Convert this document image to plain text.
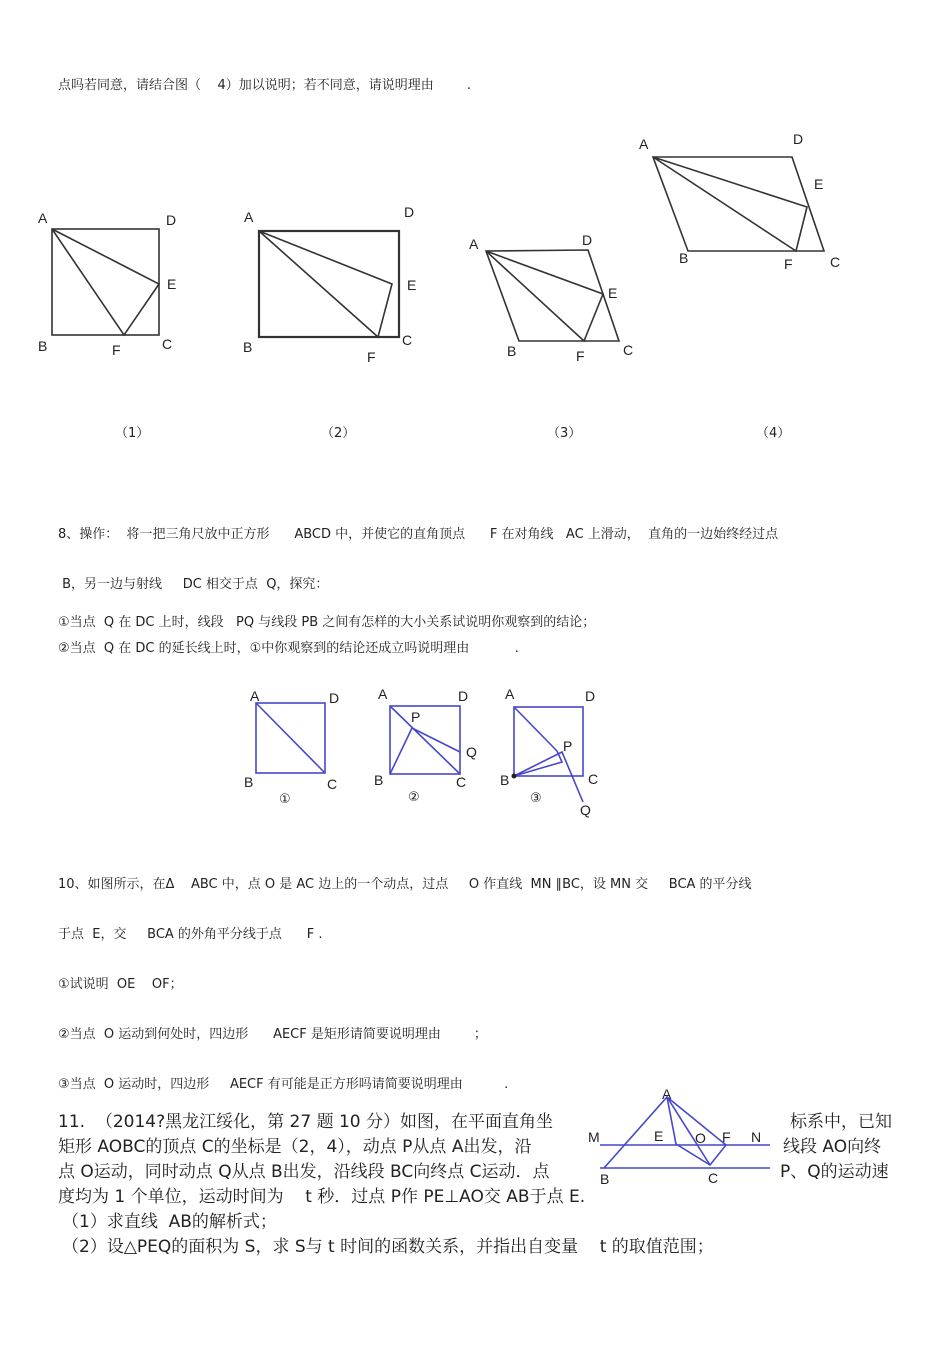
点吗若同意，请结合图（    4）加以说明；若不同意，请说明理由        .
A	D
E
B	F	C
A	D
E
B
F
C
A	D
E
B	F	C
A	D
E
B	F	C
（1）	（2）	（3）	（4）
8、操作：  将一把三角尺放中正方形      ABCD 中，并使它的直角顶点      F 在对角线   AC 上滑动，  直角的一边始终经过点
B，另一边与射线     DC 相交于点  Q，探究：
①当点  Q 在 DC 上时，线段   PQ 与线段 PB 之间有怎样的大小关系试说明你观察到的结论；
②当点  Q 在 DC 的延长线上时，①中你观察到的结论还成立吗说明理由           .
A	D
B	C
①
A	D
P
Q
B	C
②
A	D
P
B	C
Q
③
10、如图所示，在Δ    ABC 中，点 O 是 AC 边上的一个动点，过点     O 作直线  MN ∥BC，设 MN 交     BCA 的平分线
于点  E，交     BCA 的外角平分线于点      F .
①试说明  OE    OF；
②当点  O 运动到何处时，四边形      AECF 是矩形请简要说明理由        ；
③当点  O 运动时，四边形     AECF 有可能是正方形吗请简要说明理由          .
A
M	E O F N
B	C
11.  （2014?黑龙江绥化，第 27 题 10 分）如图，在平面直角坐	标系中，已知
矩形 AOBC的顶点 C的坐标是（2，4），动点 P从点 A出发，沿	线段 AO向终
点 O运动，同时动点 Q从点 B出发，沿线段 BC向终点 C运动．点	P、Q的运动速
度均为 1 个单位，运动时间为    t 秒．过点 P作 PE⊥AO交 AB于点 E.
（1）求直线  AB的解析式；
（2）设△PEQ的面积为 S，求 S与 t 时间的函数关系，并指出自变量    t 的取值范围；
